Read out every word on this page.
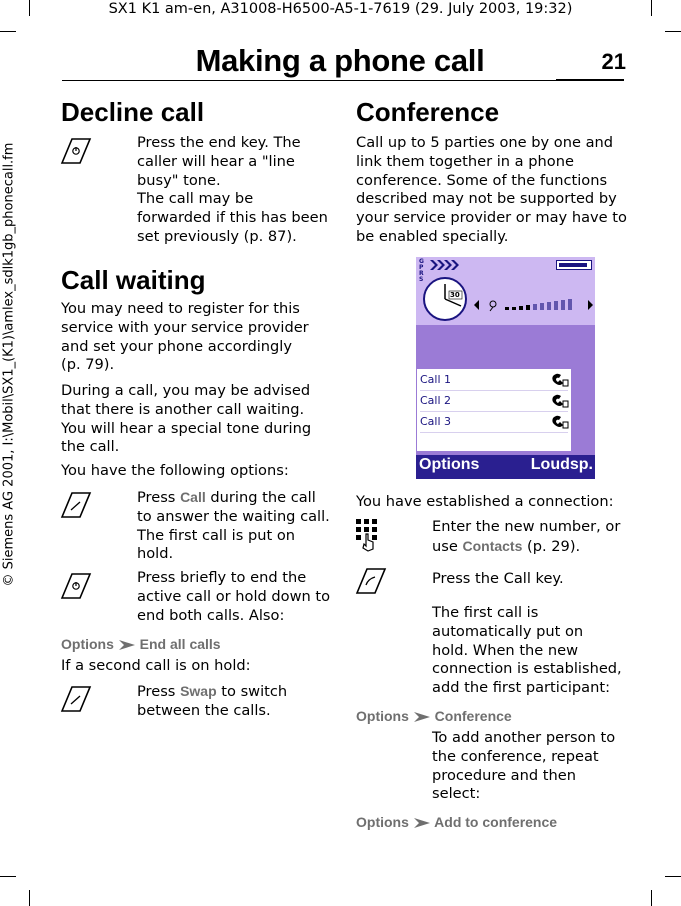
SX1 K1 am-en, A31008-H6500-A5-1-7619 (29. July 2003, 19:32)
Making a phone call	21
© Siemens AG 2001, I:\Mobil\SX1_(K1)\amlex_sdlk1gb_phonecall.fm
Decline call
Press the end key. The
caller will hear a "line
busy" tone.
The call may be
forwarded if this has been
set previously (p. 87).
Call waiting
You may need to register for this
service with your service provider
and set your phone accordingly
(p. 79).
During a call, you may be advised
that there is another call waiting.
You will hear a special tone during
the call.
You have the following options:
Press Call during the call
to answer the waiting call.
The first call is put on
hold.
Press briefly to end the
active call or hold down to
end both calls. Also:
Options End all calls
If a second call is on hold:
Press Swap to switch
between the calls.
Conference
Call up to 5 parties one by one and
link them together in a phone
conference. Some of the functions
described may not be supported by
your service provider or may have to
be enabled specially.
GPRS
30
Call 1
Call 2
Call 3
Options	Loudsp.
You have established a connection:
Enter the new number, or
use Contacts (p. 29).
Press the Call key.
The first call is
automatically put on
hold. When the new
connection is established,
add the first participant:
Options Conference
To add another person to
the conference, repeat
procedure and then
select:
Options Add to conference
